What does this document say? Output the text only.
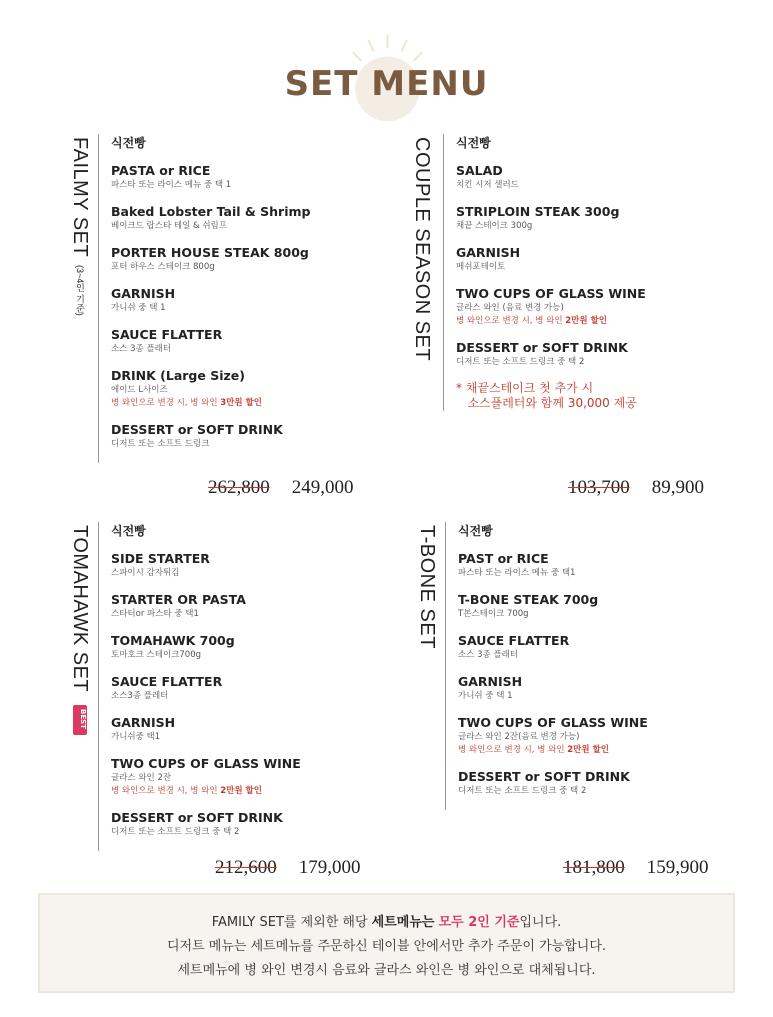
SET MENU
FAILMY SET(3~4인 기준)
식전빵
PASTA or RICE
파스타 또는 라이스 메뉴 중 택 1
Baked Lobster Tail & Shrimp
베이크드 랍스타 테일 & 쉬림프
PORTER HOUSE STEAK 800g
포터 하우스 스테이크 800g
GARNISH
가니쉬 중 택 1
SAUCE FLATTER
소스 3종 플래터
DRINK (Large Size)
에이드 L사이즈
병 와인으로 변경 시, 병 와인 3만원 할인
DESSERT or SOFT DRINK
디저트 또는 소프트 드링크
262,800 249,000
COUPLE SEASON SET 식전빵
SALAD
치킨 시저 샐러드
STRIPLOIN STEAK 300g
채끝 스테이크 300g
GARNISH
메쉬포테이토
TWO CUPS OF GLASS WINE
글라스 와인 (음료 변경 가능)
병 와인으로 변경 시, 병 와인 2만원 할인
DESSERT or SOFT DRINK
디저트 또는 소프트 드링크 중 택 2
* 채끝스테이크 첫 추가 시
소스플레터와 함께 30,000 제공
103,700 89,900
TOMAHAWK SET
BEST
식전빵
SIDE STARTER
스파이시 감자튀김
STARTER OR PASTA
스타터or 파스타 중 택1
TOMAHAWK 700g
토마호크 스테이크700g
SAUCE FLATTER
소스3종 플레터
GARNISH
가니쉬중 택1
TWO CUPS OF GLASS WINE
글라스 와인 2잔
병 와인으로 변경 시, 병 와인 2만원 할인
DESSERT or SOFT DRINK
디저트 또는 소프트 드링크 중 택 2
212,600 179,000
T-BONE SET 식전빵
PAST or RICE
파스타 또는 라이스 메뉴 중 택1
T-BONE STEAK 700g
T본스테이크 700g
SAUCE FLATTER
소스 3종 플래터
GARNISH
가니쉬 중 택 1
TWO CUPS OF GLASS WINE
글라스 와인 2잔(음료 변경 가능)
병 와인으로 변경 시, 병 와인 2만원 할인
DESSERT or SOFT DRINK
디저트 또는 소프트 드링크 중 택 2
181,800 159,900
FAMILY SET를 제외한 해당 세트메뉴는 모두 2인 기준입니다.
디저트 메뉴는 세트메뉴를 주문하신 테이블 안에서만 추가 주문이 가능합니다.
세트메뉴에 병 와인 변경시 음료와 글라스 와인은 병 와인으로 대체됩니다.
